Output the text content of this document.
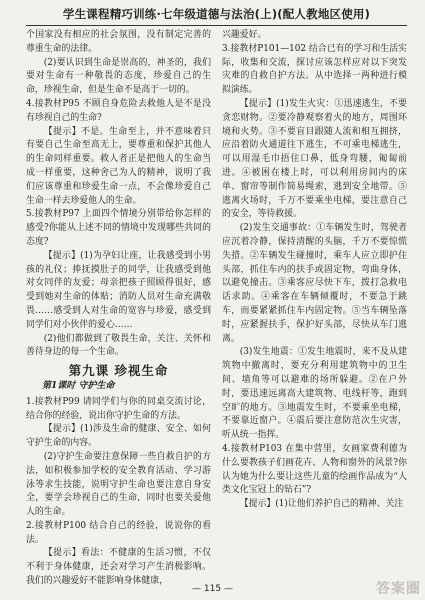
学生课程精巧训练·七年级道德与法治(上)(配人教地区使用)

个国家没有相应的社会氛围，没有制定完善的尊重生命的法律。

(2)要认识到生命是崇高的，神圣的，我们要对生命有一种敬畏的态度，珍爱自己的生命，珍视生命，但是生命不是高于一切的。

4.接教材P95 不顾自身危险去救他人是不是没有珍视自己的生命?

【提示】不是。生命至上，并不意味着只有要自己生命至高无上，要尊重和保护其他人的生命同样重要。救人者正是把他人的生命当成一样重要，这种舍己为人的精神，说明了我们应该尊重和珍爱生命一点，不会像珍爱自己生命一样去珍爱他人的生命。

5.接教材P97 上面四个情境分别带给你怎样的感受?你能从上述不同的情境中发现哪些共同的态度?

【提示】(1)为孕妇让座，让我感受到小男孩的礼仪；捧抚摸肚子的同学，让我感受到他对女同伴的友爱；母亲把孩子照顾得很好，感受到她对生命的体贴；消防人员对生命充满敬畏……感受到人对生命的宽容与珍爱，感受到同学们对小伙伴的爱心……

(2)他们都做到了敬畏生命，关注、关怀和善待身边的每一个生命。

第九课 珍视生命
第1课时 守护生命

1.接教材P99 请同学们与你的同桌交流讨论，结合你的经验，说出你守护生命的方法。

【提示】(1)涉及生命的健康、安全、如何守护生命的内容。

(2)守护生命要注意保障一些自救自护的方法，如积极参加学校的安全教育活动、学习游泳等求生技能，说明守护生命也要注意自身安全，要学会珍视自己的生命，同时也要关爱他人的生命。

2.接教材P100 结合自己的经验，说说你的看法。

【提示】看法：不健康的生活习惯，不仅不利于身体健康，还会对学习产生消极影响。我们的兴趣爱好不能影响身体健康，

兴趣爱好。

3.接教材P101—102 结合已有的学习和生活实际，收集和交流，探讨应该怎样应对以下突发灾难的自救自护方法。从中选择一两种进行模拟演练。

【提示】(1)发生火灾：①迅速逃生，不要贪恋财物。②要冷静观察着火的地方，周围环境和火势。③不要盲目跟随人流和相互拥挤，应沿着防火通道往下逃生，不可乘电梯逃生，可以用湿毛巾捂住口鼻，低身弯腰，匍匐前进。④被困在楼上时，可以利用房间内的床单、窗帘等制作简易绳索，逃到安全地带。⑤逃离火场时，千万不要乘坐电梯，要注意自己的安全，等待救援。

(2)发生交通事故：①车辆发生时，驾驶者应沉着冷静，保持清醒的头脑，千万不要惊慌失措。②车辆发生碰撞时，乘车人应立即护住头部，抓住车内的扶手或固定物，弯曲身体，以避免撞击。③乘客应尽快下车，拨打急救电话求助。④乘客在车辆倾覆时，不要急于跳车，而要紧紧抓住车内固定物。⑤当车辆坠落时，应紧握扶手，保护好头部，尽快从车门逃离。

(3)发生地震：①发生地震时，来不及从建筑物中撤离时，要充分利用建筑物中的卫生间、墙角等可以避难的场所躲避。②在户外时，要迅速远离高大建筑物、电线杆等，跑到空旷的地方。③地震发生时，不要乘坐电梯，不要靠近窗户。④震后要注意防范次生灾害，听从统一指挥。

4.接教材P103 在集中营里，女画家费利德为什么要教孩子们画花卉、人物和窗外的风景?你认为她为什么要让这些儿童的绘画作品成为“人类文化宝冠上的钻石”?

【提示】(1)让他们养护自己的精神、关注

— 115 —	答案圈
